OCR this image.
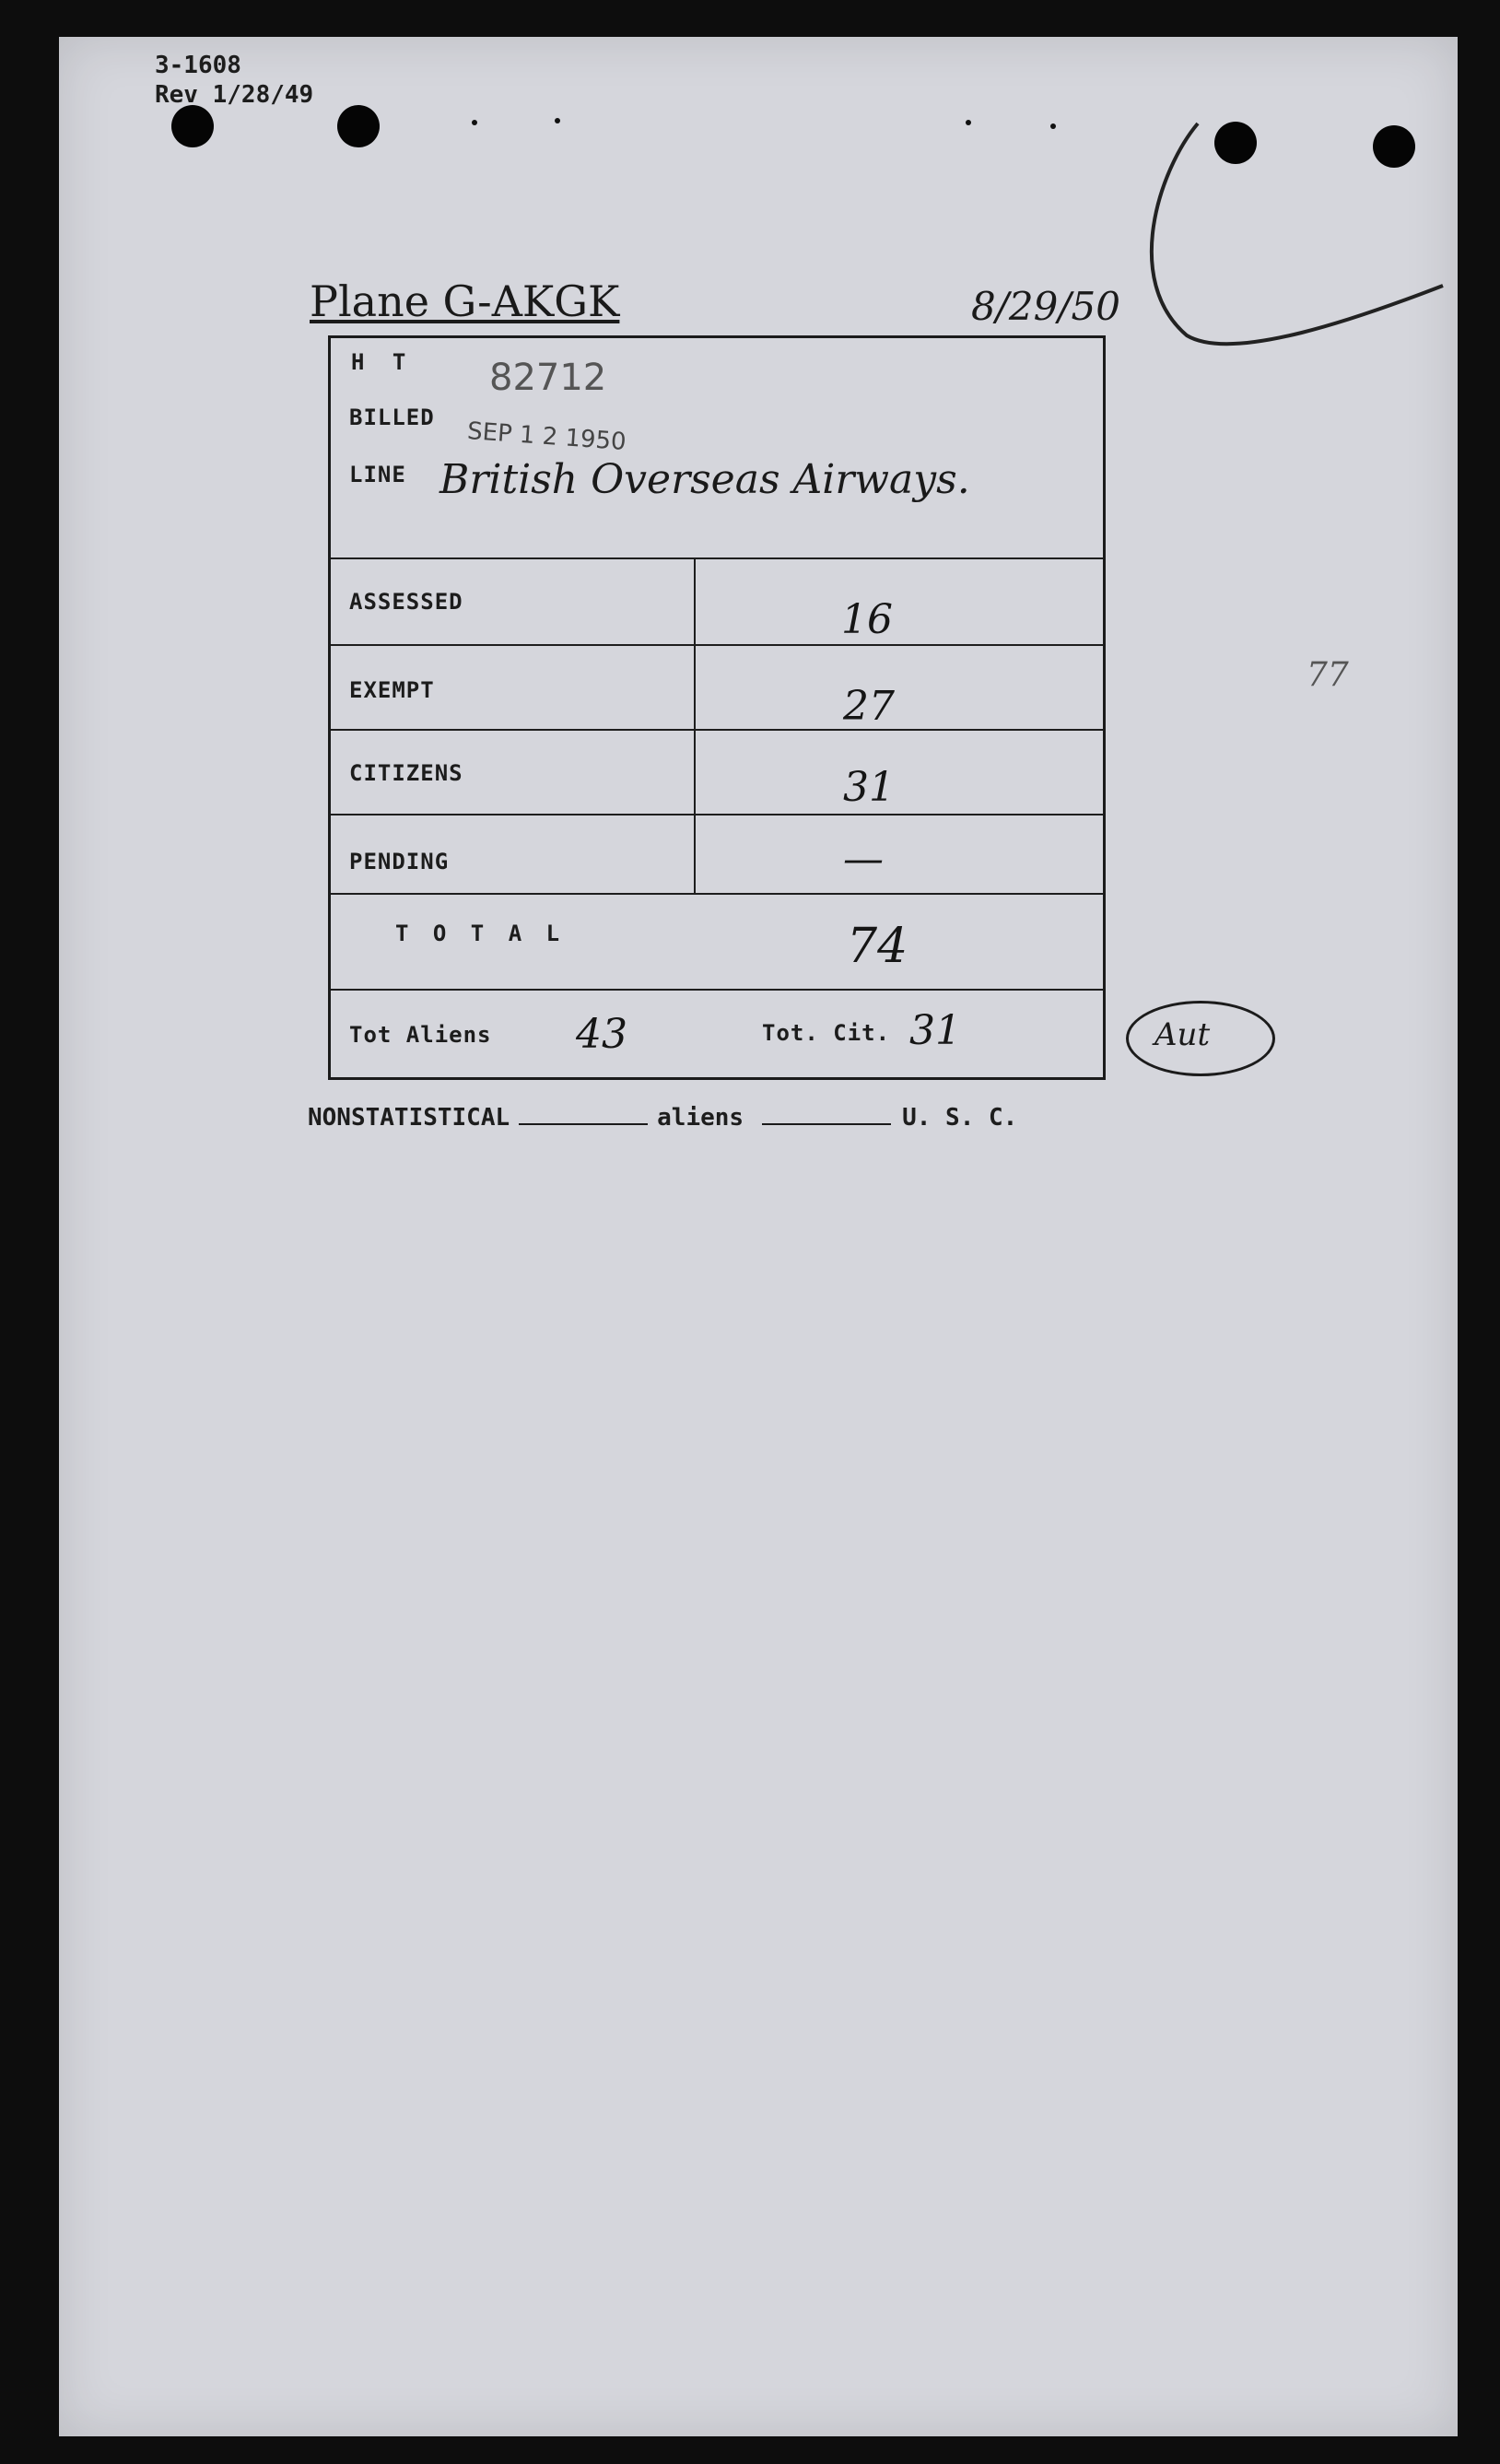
3-1608
Rev 1/28/49
Plane G-AKGK	8/29/50
77
H T 82712
BILLED
SEP 1 2 1950
LINE British Overseas Airways.
ASSESSED	16
EXEMPT	27
CITIZENS	31
PENDING	—
T O T A L	74
Tot Aliens 43	Tot. Cit. 31	Aut
NONSTATISTICAL	aliens	U. S. C.
